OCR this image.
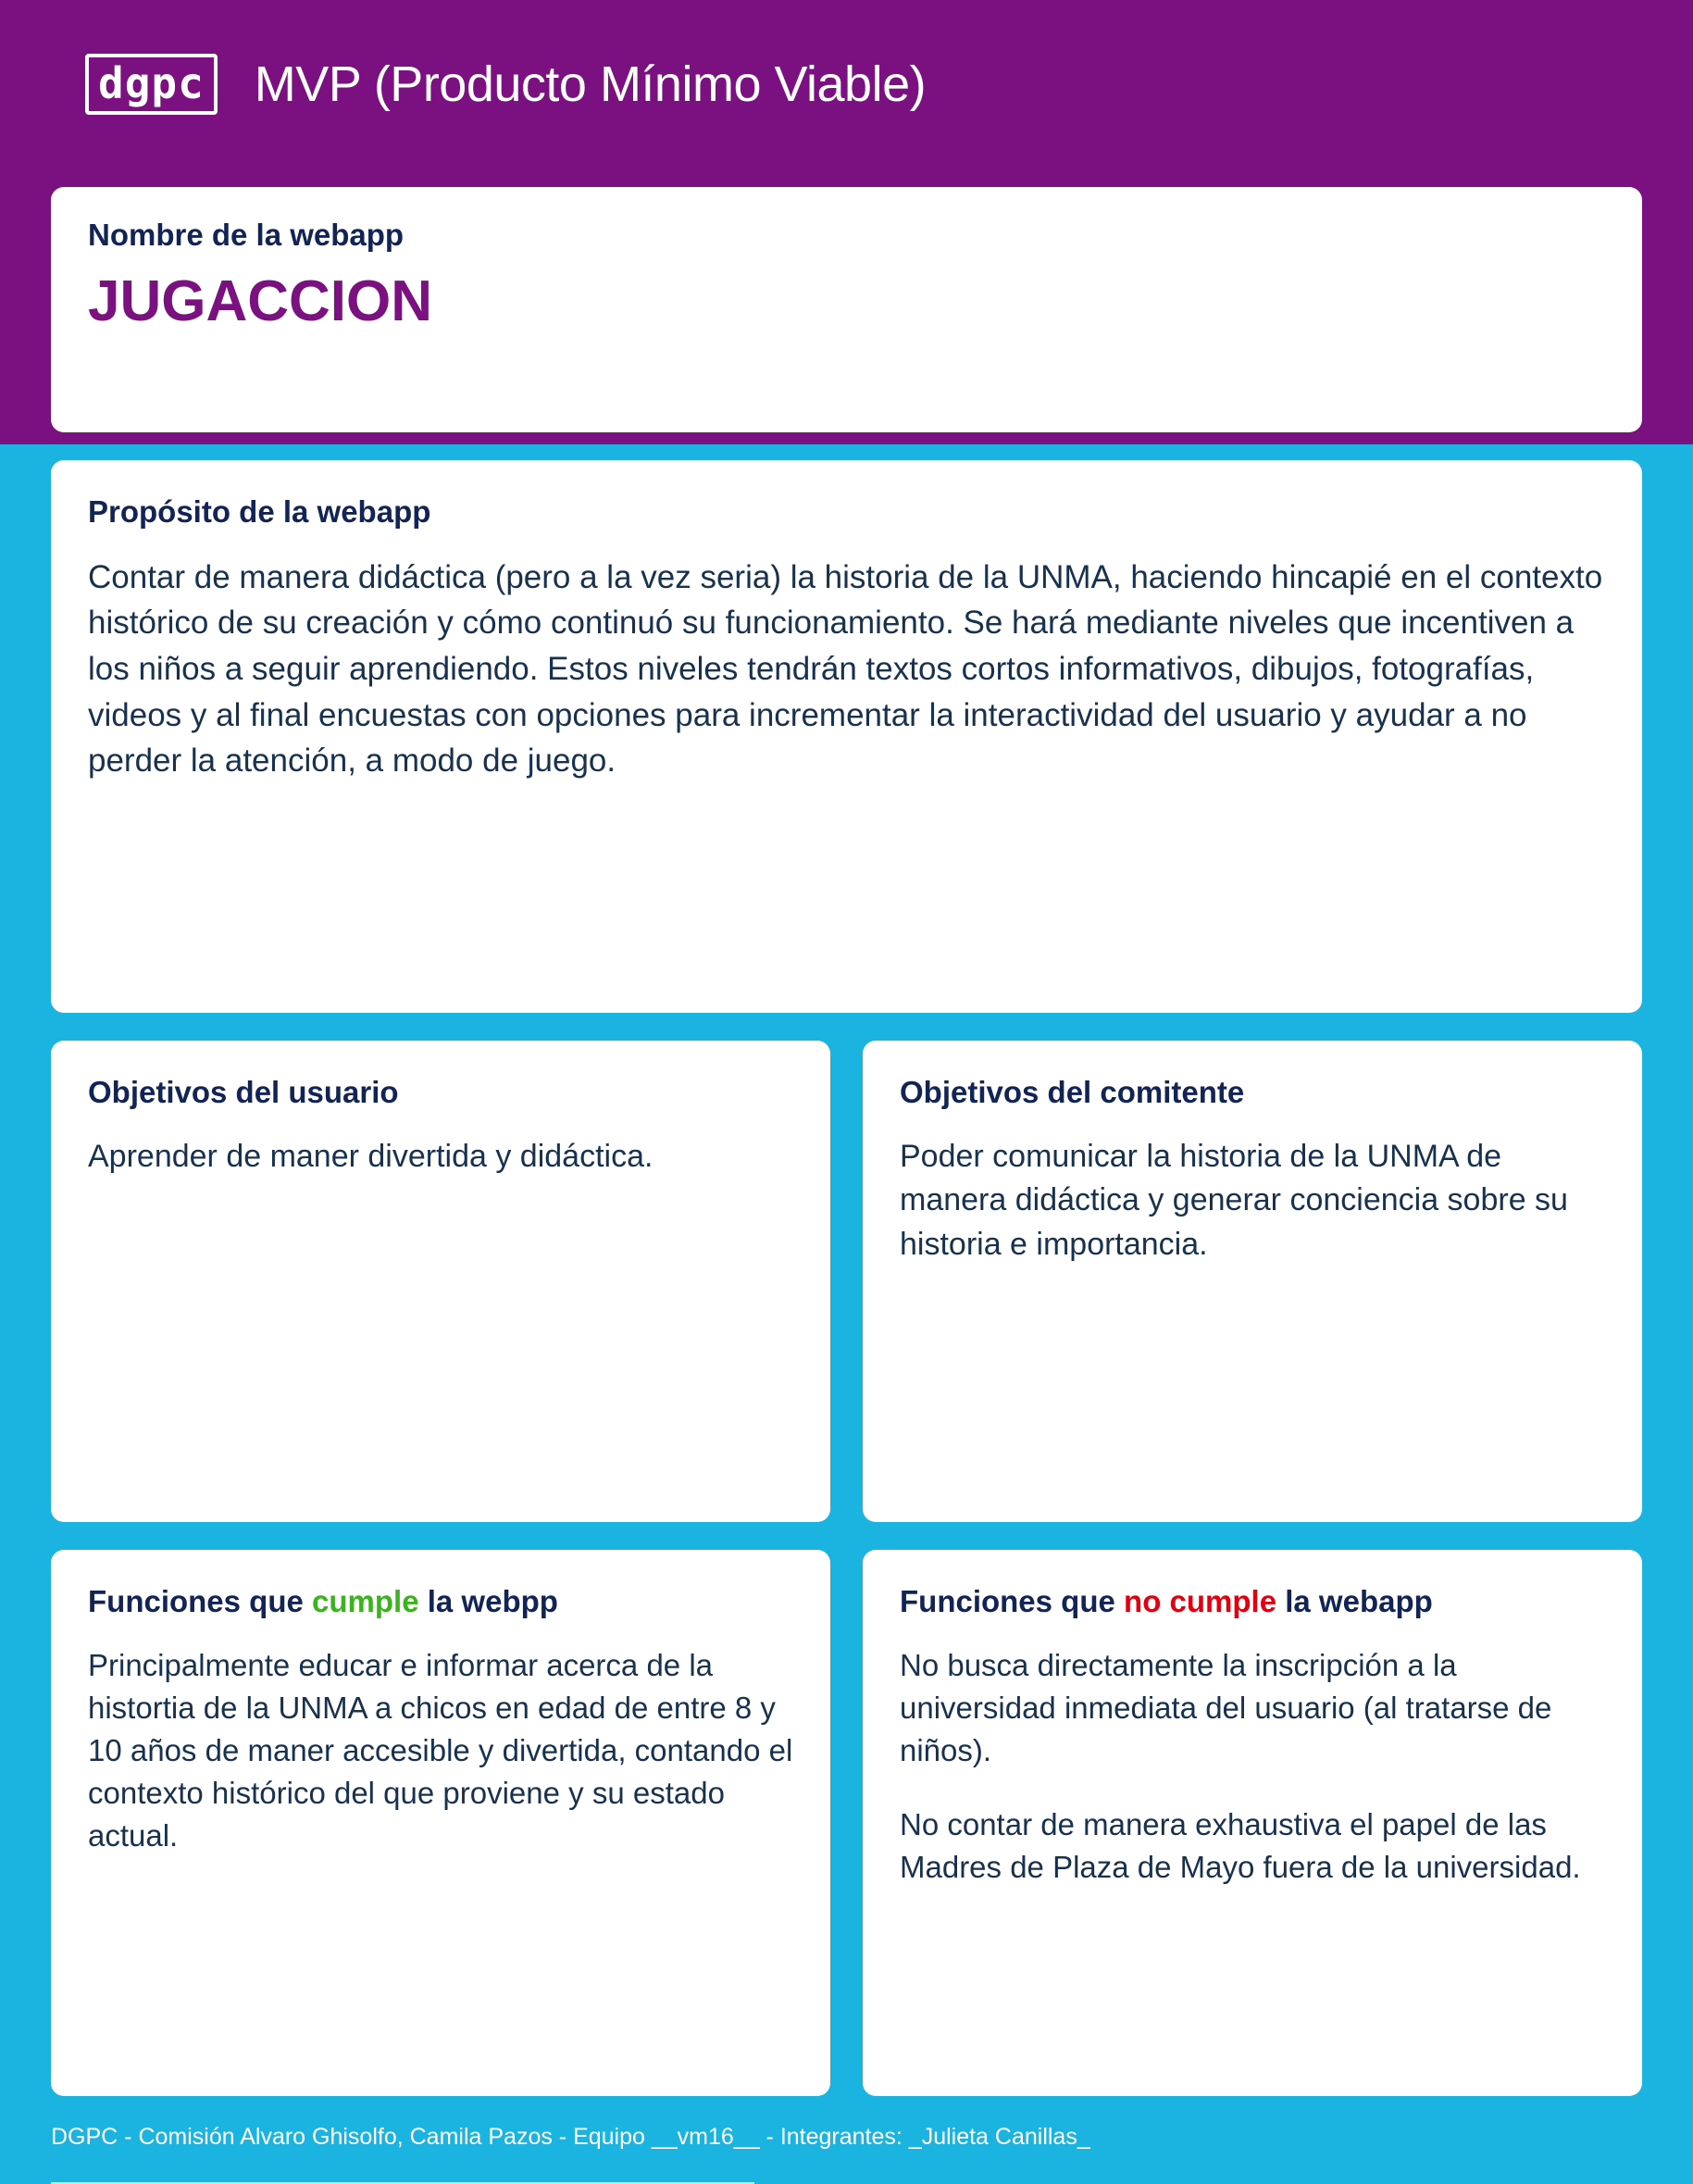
dgpc MVP (Producto Mínimo Viable)
Nombre de la webapp

JUGACCION

Propósito de la webapp

Contar de manera didáctica (pero a la vez seria) la historia de la UNMA, haciendo hincapié en el contexto histórico de su creación y cómo continuó su funcionamiento. Se hará mediante niveles que incentiven a los niños a seguir aprendiendo. Estos niveles tendrán textos cortos informativos, dibujos, fotografías, videos y al final encuestas con opciones para incrementar la interactividad del usuario y ayudar a no perder la atención, a modo de juego.

Objetivos del usuario

Aprender de maner divertida y didáctica.

Objetivos del comitente

Poder comunicar la historia de la UNMA de manera didáctica y generar conciencia sobre su historia e importancia.

Funciones que cumple la webpp

Principalmente educar e informar acerca de la histortia de la UNMA a chicos en edad de entre 8 y 10 años de maner accesible y divertida, contando el contexto histórico del que proviene y su estado actual.

Funciones que no cumple la webapp

No busca directamente la inscripción a la universidad inmediata del usuario (al tratarse de niños).

No contar de manera exhaustiva el papel de las Madres de Plaza de Mayo fuera de la universidad.

DGPC - Comisión Alvaro Ghisolfo, Camila Pazos - Equipo __vm16__ - Integrantes: _Julieta Canillas_
